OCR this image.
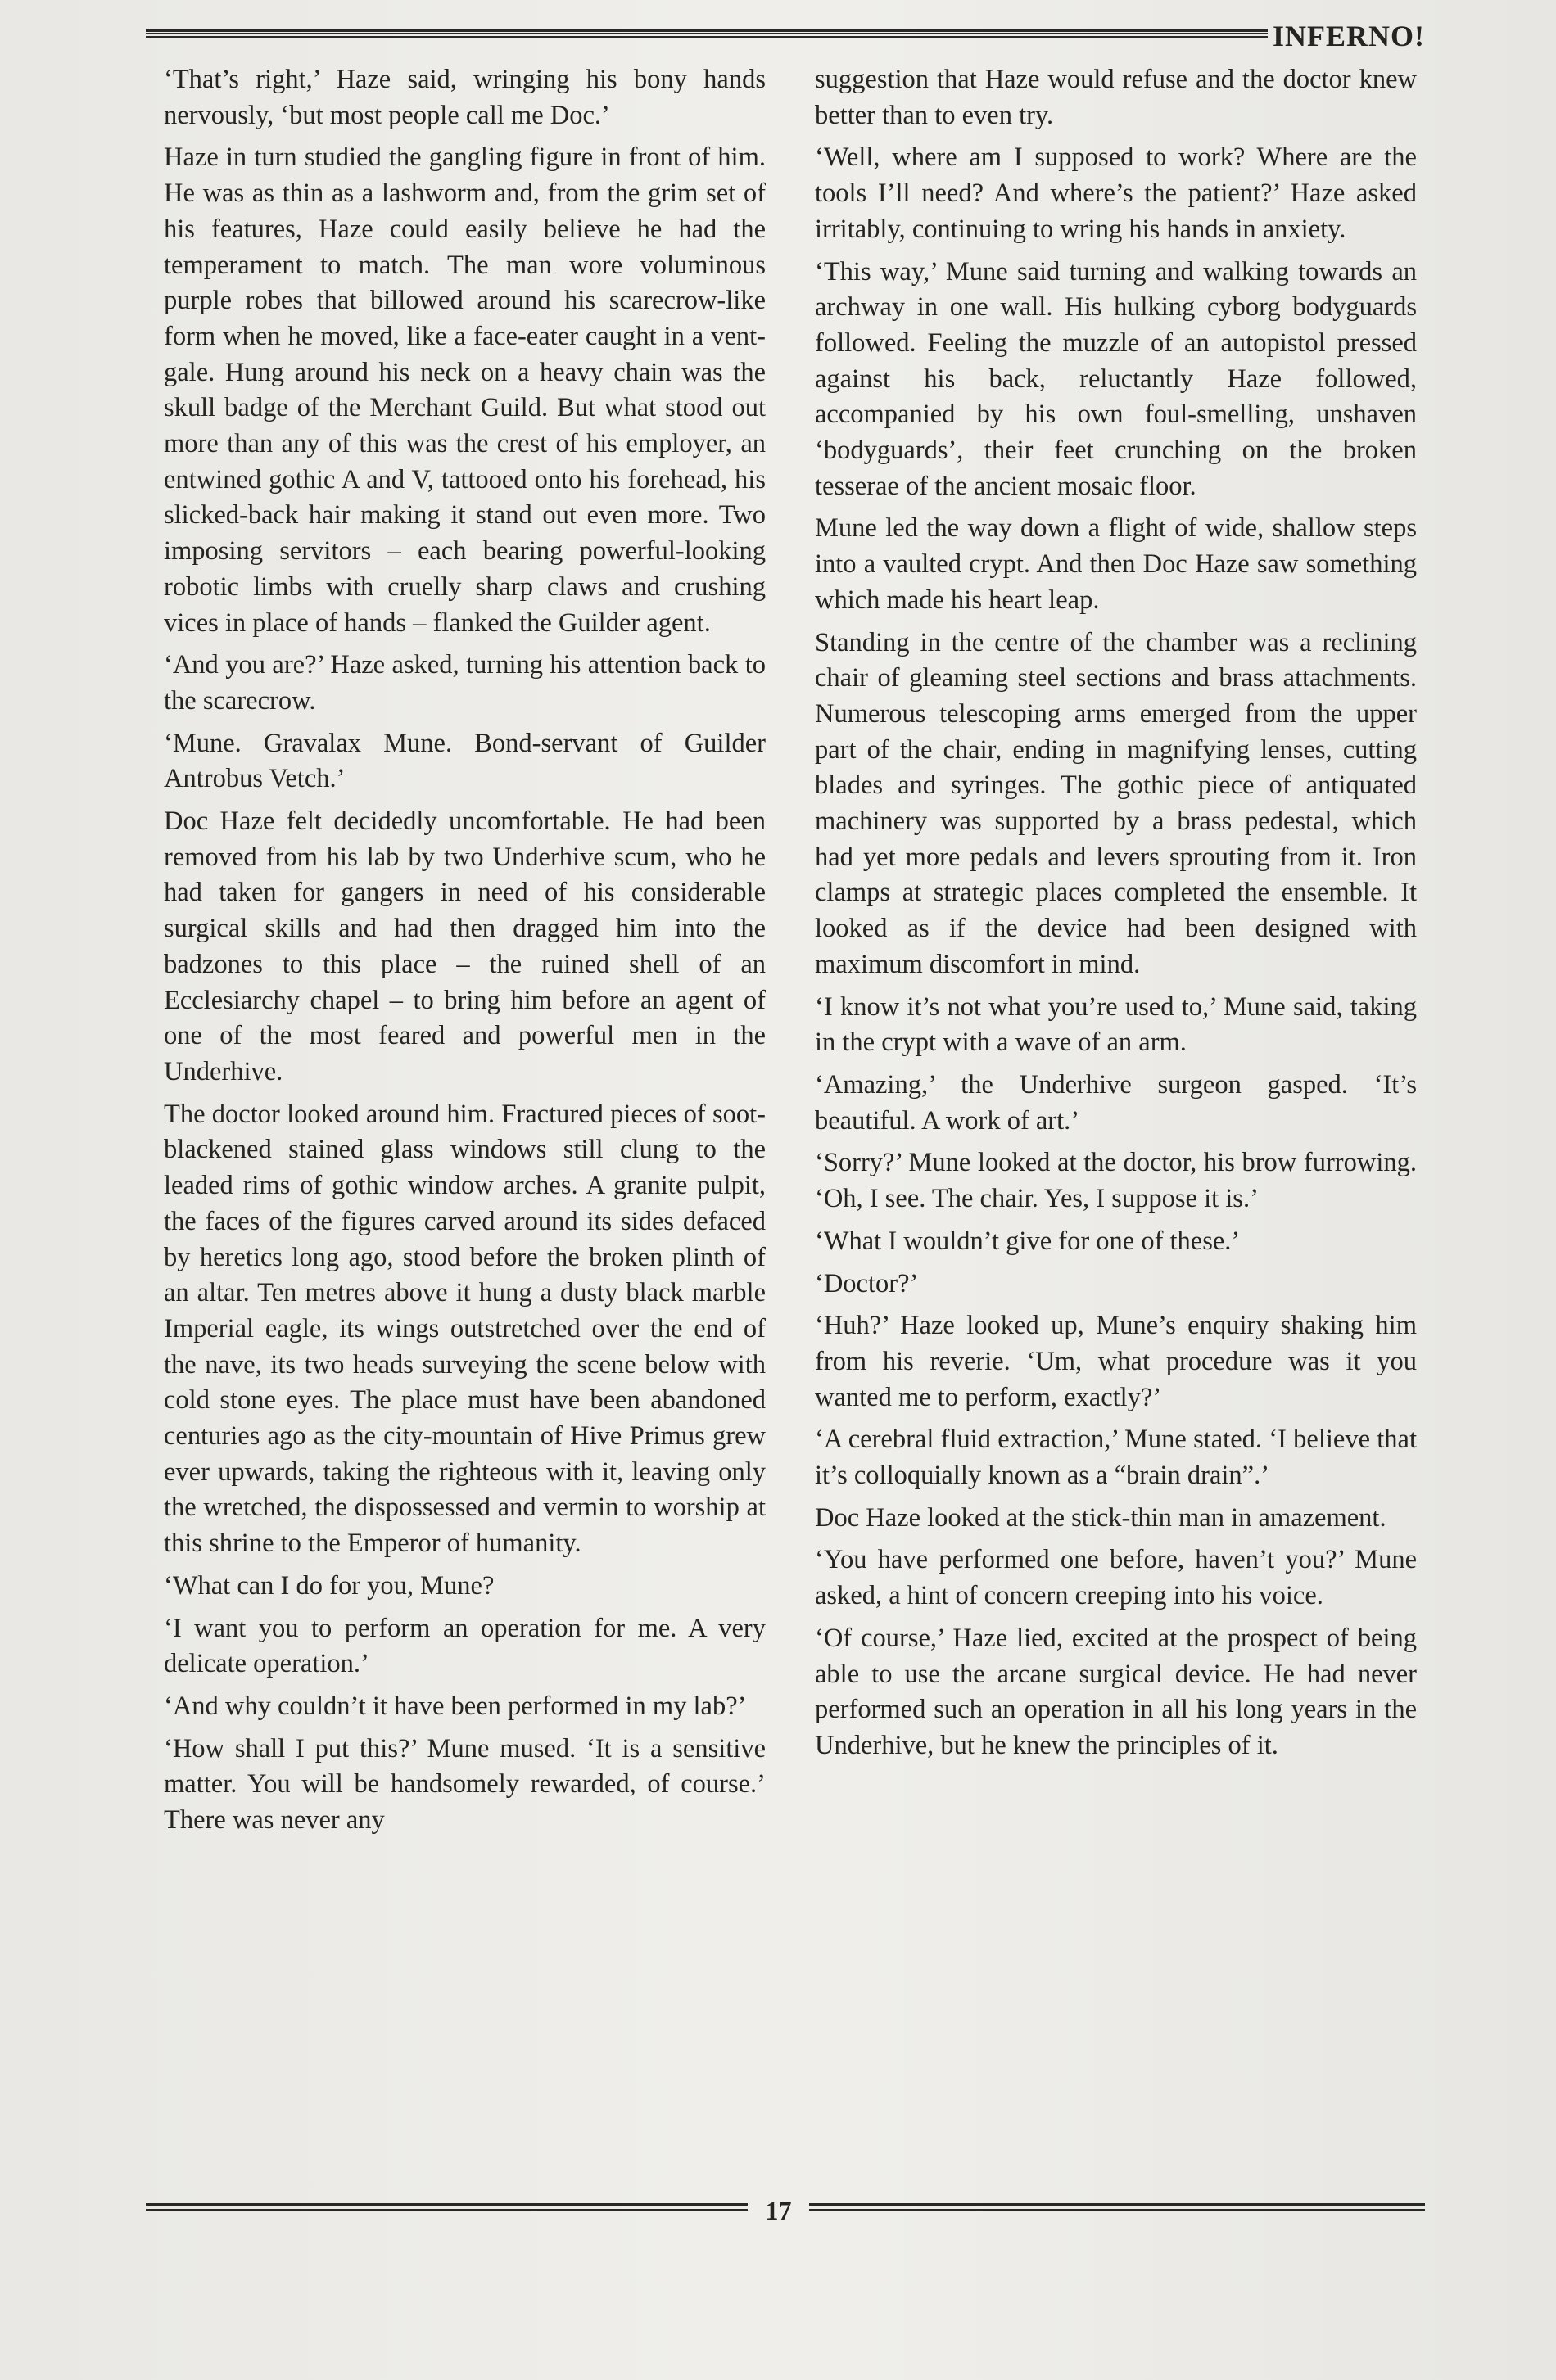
INFERNO!

‘That’s right,’ Haze said, wringing his bony hands nervously, ‘but most people call me Doc.’

Haze in turn studied the gangling figure in front of him. He was as thin as a lashworm and, from the grim set of his features, Haze could easily believe he had the temperament to match. The man wore voluminous purple robes that billowed around his scarecrow-like form when he moved, like a face-eater caught in a vent-gale. Hung around his neck on a heavy chain was the skull badge of the Merchant Guild. But what stood out more than any of this was the crest of his employer, an entwined gothic A and V, tattooed onto his forehead, his slicked-back hair making it stand out even more. Two imposing servitors – each bearing powerful-looking robotic limbs with cruelly sharp claws and crushing vices in place of hands – flanked the Guilder agent.

‘And you are?’ Haze asked, turning his attention back to the scarecrow.

‘Mune. Gravalax Mune. Bond-servant of Guilder Antrobus Vetch.’

Doc Haze felt decidedly uncomfortable. He had been removed from his lab by two Underhive scum, who he had taken for gangers in need of his considerable surgical skills and had then dragged him into the badzones to this place – the ruined shell of an Ecclesiarchy chapel – to bring him before an agent of one of the most feared and powerful men in the Underhive.

The doctor looked around him. Fractured pieces of soot-blackened stained glass windows still clung to the leaded rims of gothic window arches. A granite pulpit, the faces of the figures carved around its sides defaced by heretics long ago, stood before the broken plinth of an altar. Ten metres above it hung a dusty black marble Imperial eagle, its wings outstretched over the end of the nave, its two heads surveying the scene below with cold stone eyes. The place must have been abandoned centuries ago as the city-mountain of Hive Primus grew ever upwards, taking the righteous with it, leaving only the wretched, the dispossessed and vermin to worship at this shrine to the Emperor of humanity.

‘What can I do for you, Mune?

‘I want you to perform an operation for me. A very delicate operation.’

‘And why couldn’t it have been performed in my lab?’

‘How shall I put this?’ Mune mused. ‘It is a sensitive matter. You will be handsomely rewarded, of course.’ There was never any

suggestion that Haze would refuse and the doctor knew better than to even try.

‘Well, where am I supposed to work? Where are the tools I’ll need? And where’s the patient?’ Haze asked irritably, continuing to wring his hands in anxiety.

‘This way,’ Mune said turning and walking towards an archway in one wall. His hulking cyborg bodyguards followed. Feeling the muzzle of an autopistol pressed against his back, reluctantly Haze followed, accompanied by his own foul-smelling, unshaven ‘bodyguards’, their feet crunching on the broken tesserae of the ancient mosaic floor.

Mune led the way down a flight of wide, shallow steps into a vaulted crypt. And then Doc Haze saw something which made his heart leap.

Standing in the centre of the chamber was a reclining chair of gleaming steel sections and brass attachments. Numerous telescoping arms emerged from the upper part of the chair, ending in magnifying lenses, cutting blades and syringes. The gothic piece of antiquated machinery was supported by a brass pedestal, which had yet more pedals and levers sprouting from it. Iron clamps at strategic places completed the ensemble. It looked as if the device had been designed with maximum discomfort in mind.

‘I know it’s not what you’re used to,’ Mune said, taking in the crypt with a wave of an arm.

‘Amazing,’ the Underhive surgeon gasped. ‘It’s beautiful. A work of art.’

‘Sorry?’ Mune looked at the doctor, his brow furrowing. ‘Oh, I see. The chair. Yes, I suppose it is.’

‘What I wouldn’t give for one of these.’

‘Doctor?’

‘Huh?’ Haze looked up, Mune’s enquiry shaking him from his reverie. ‘Um, what procedure was it you wanted me to perform, exactly?’

‘A cerebral fluid extraction,’ Mune stated. ‘I believe that it’s colloquially known as a “brain drain”.’

Doc Haze looked at the stick-thin man in amazement.

‘You have performed one before, haven’t you?’ Mune asked, a hint of concern creeping into his voice.

‘Of course,’ Haze lied, excited at the prospect of being able to use the arcane surgical device. He had never performed such an operation in all his long years in the Underhive, but he knew the principles of it.

17
